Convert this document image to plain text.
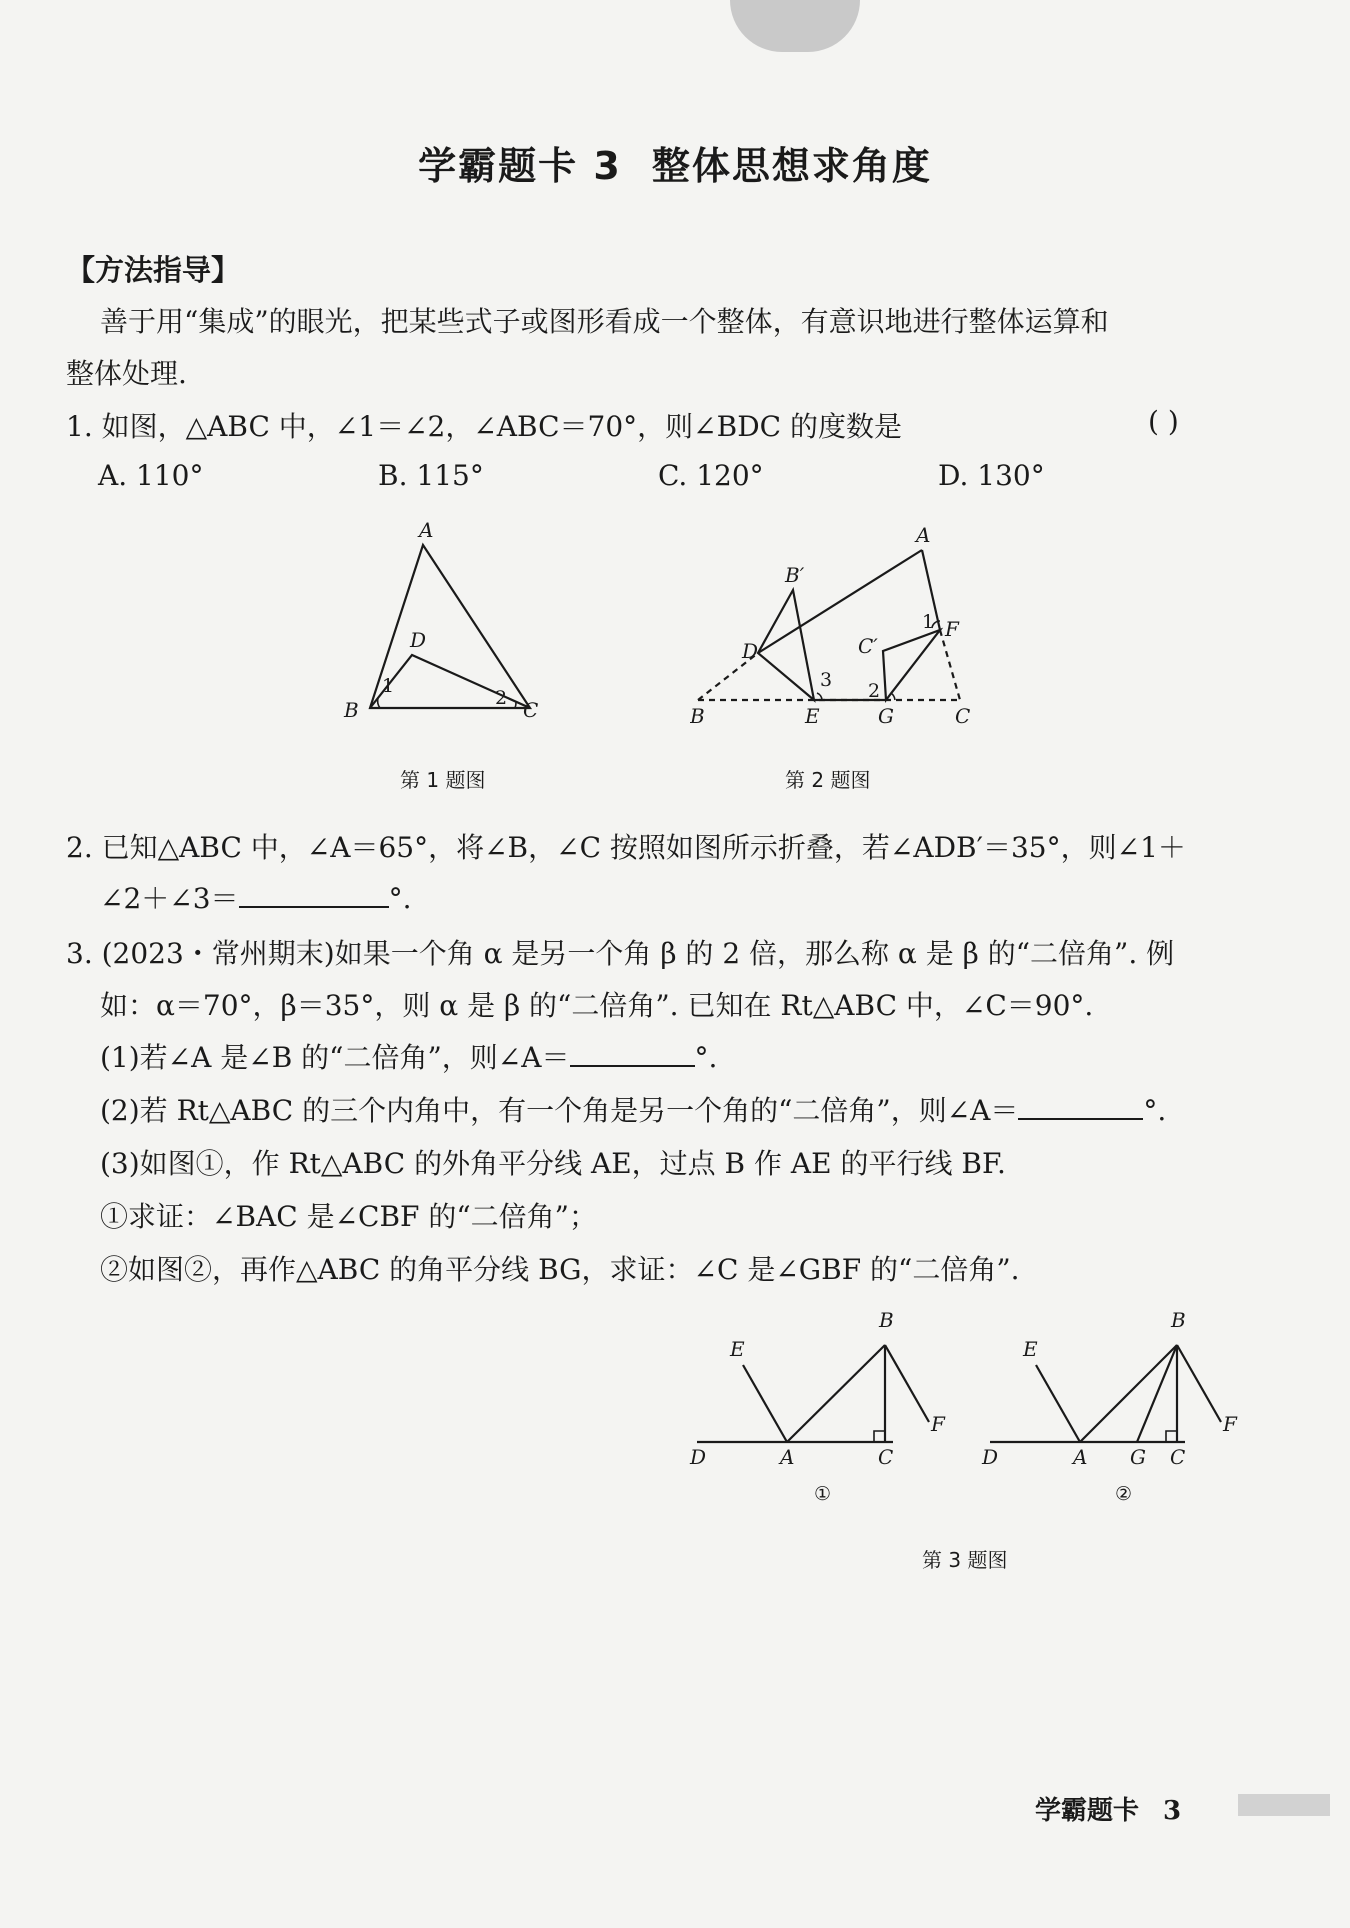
学霸题卡 3 整体思想求角度
【方法指导】
善于用“集成”的眼光，把某些式子或图形看成一个整体，有意识地进行整体运算和
整体处理.
1. 如图，△ABC 中，∠1＝∠2，∠ABC＝70°，则∠BDC 的度数是	( )
A. 110°	B. 115°	C. 120°	D. 130°
A
D
B	C
1
2
第 1 题图
A
B′
D	C′
F
B	E	G	C
1
2
3
第 2 题图
2. 已知△ABC 中，∠A＝65°，将∠B，∠C 按照如图所示折叠，若∠ADB′＝35°，则∠1＋
∠2＋∠3＝	°.
3. (2023・常州期末)如果一个角 α 是另一个角 β 的 2 倍，那么称 α 是 β 的“二倍角”. 例
如：α＝70°，β＝35°，则 α 是 β 的“二倍角”. 已知在 Rt△ABC 中，∠C＝90°.
(1)若∠A 是∠B 的“二倍角”，则∠A＝	°.
(2)若 Rt△ABC 的三个内角中，有一个角是另一个角的“二倍角”，则∠A＝	°.
(3)如图①，作 Rt△ABC 的外角平分线 AE，过点 B 作 AE 的平行线 BF.
①求证：∠BAC 是∠CBF 的“二倍角”；
②如图②，再作△ABC 的角平分线 BG，求证：∠C 是∠GBF 的“二倍角”.
E
B
F
D	A	C
①
E
B
F
D	A G C
②
第 3 题图
学霸题卡 3
